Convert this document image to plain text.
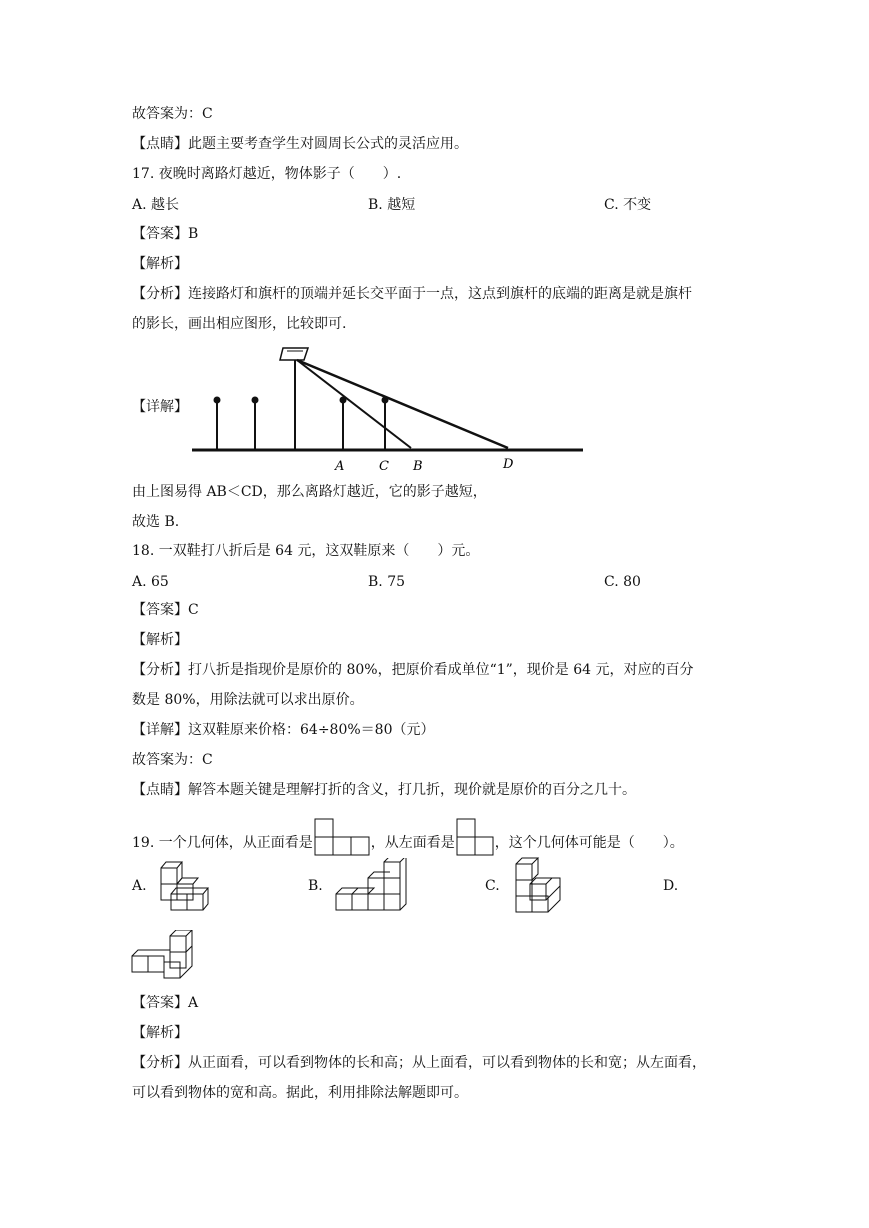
故答案为：C
【点睛】此题主要考查学生对圆周长公式的灵活应用。
17. 夜晚时离路灯越近，物体影子（　　）.
A. 越长	B. 越短	C. 不变
【答案】B
【解析】
【分析】连接路灯和旗杆的顶端并延长交平面于一点，这点到旗杆的底端的距离是就是旗杆
的影长，画出相应图形，比较即可.
【详解】
A	C B	D
由上图易得 AB＜CD，那么离路灯越近，它的影子越短，
故选 B.
18. 一双鞋打八折后是 64 元，这双鞋原来（　　）元。
A. 65	B. 75	C. 80
【答案】C
【解析】
【分析】打八折是指现价是原价的 80%，把原价看成单位“1”，现价是 64 元，对应的百分
数是 80%，用除法就可以求出原价。
【详解】这双鞋原来价格：64÷80%＝80（元）
故答案为：C
【点睛】解答本题关键是理解打折的含义，打几折，现价就是原价的百分之几十。
19. 一个几何体，从正面看是	，从左面看是	，这个几何体可能是（　　）。
A.	B.	C.	D.
【答案】A
【解析】
【分析】从正面看，可以看到物体的长和高；从上面看，可以看到物体的长和宽；从左面看，
可以看到物体的宽和高。据此，利用排除法解题即可。
